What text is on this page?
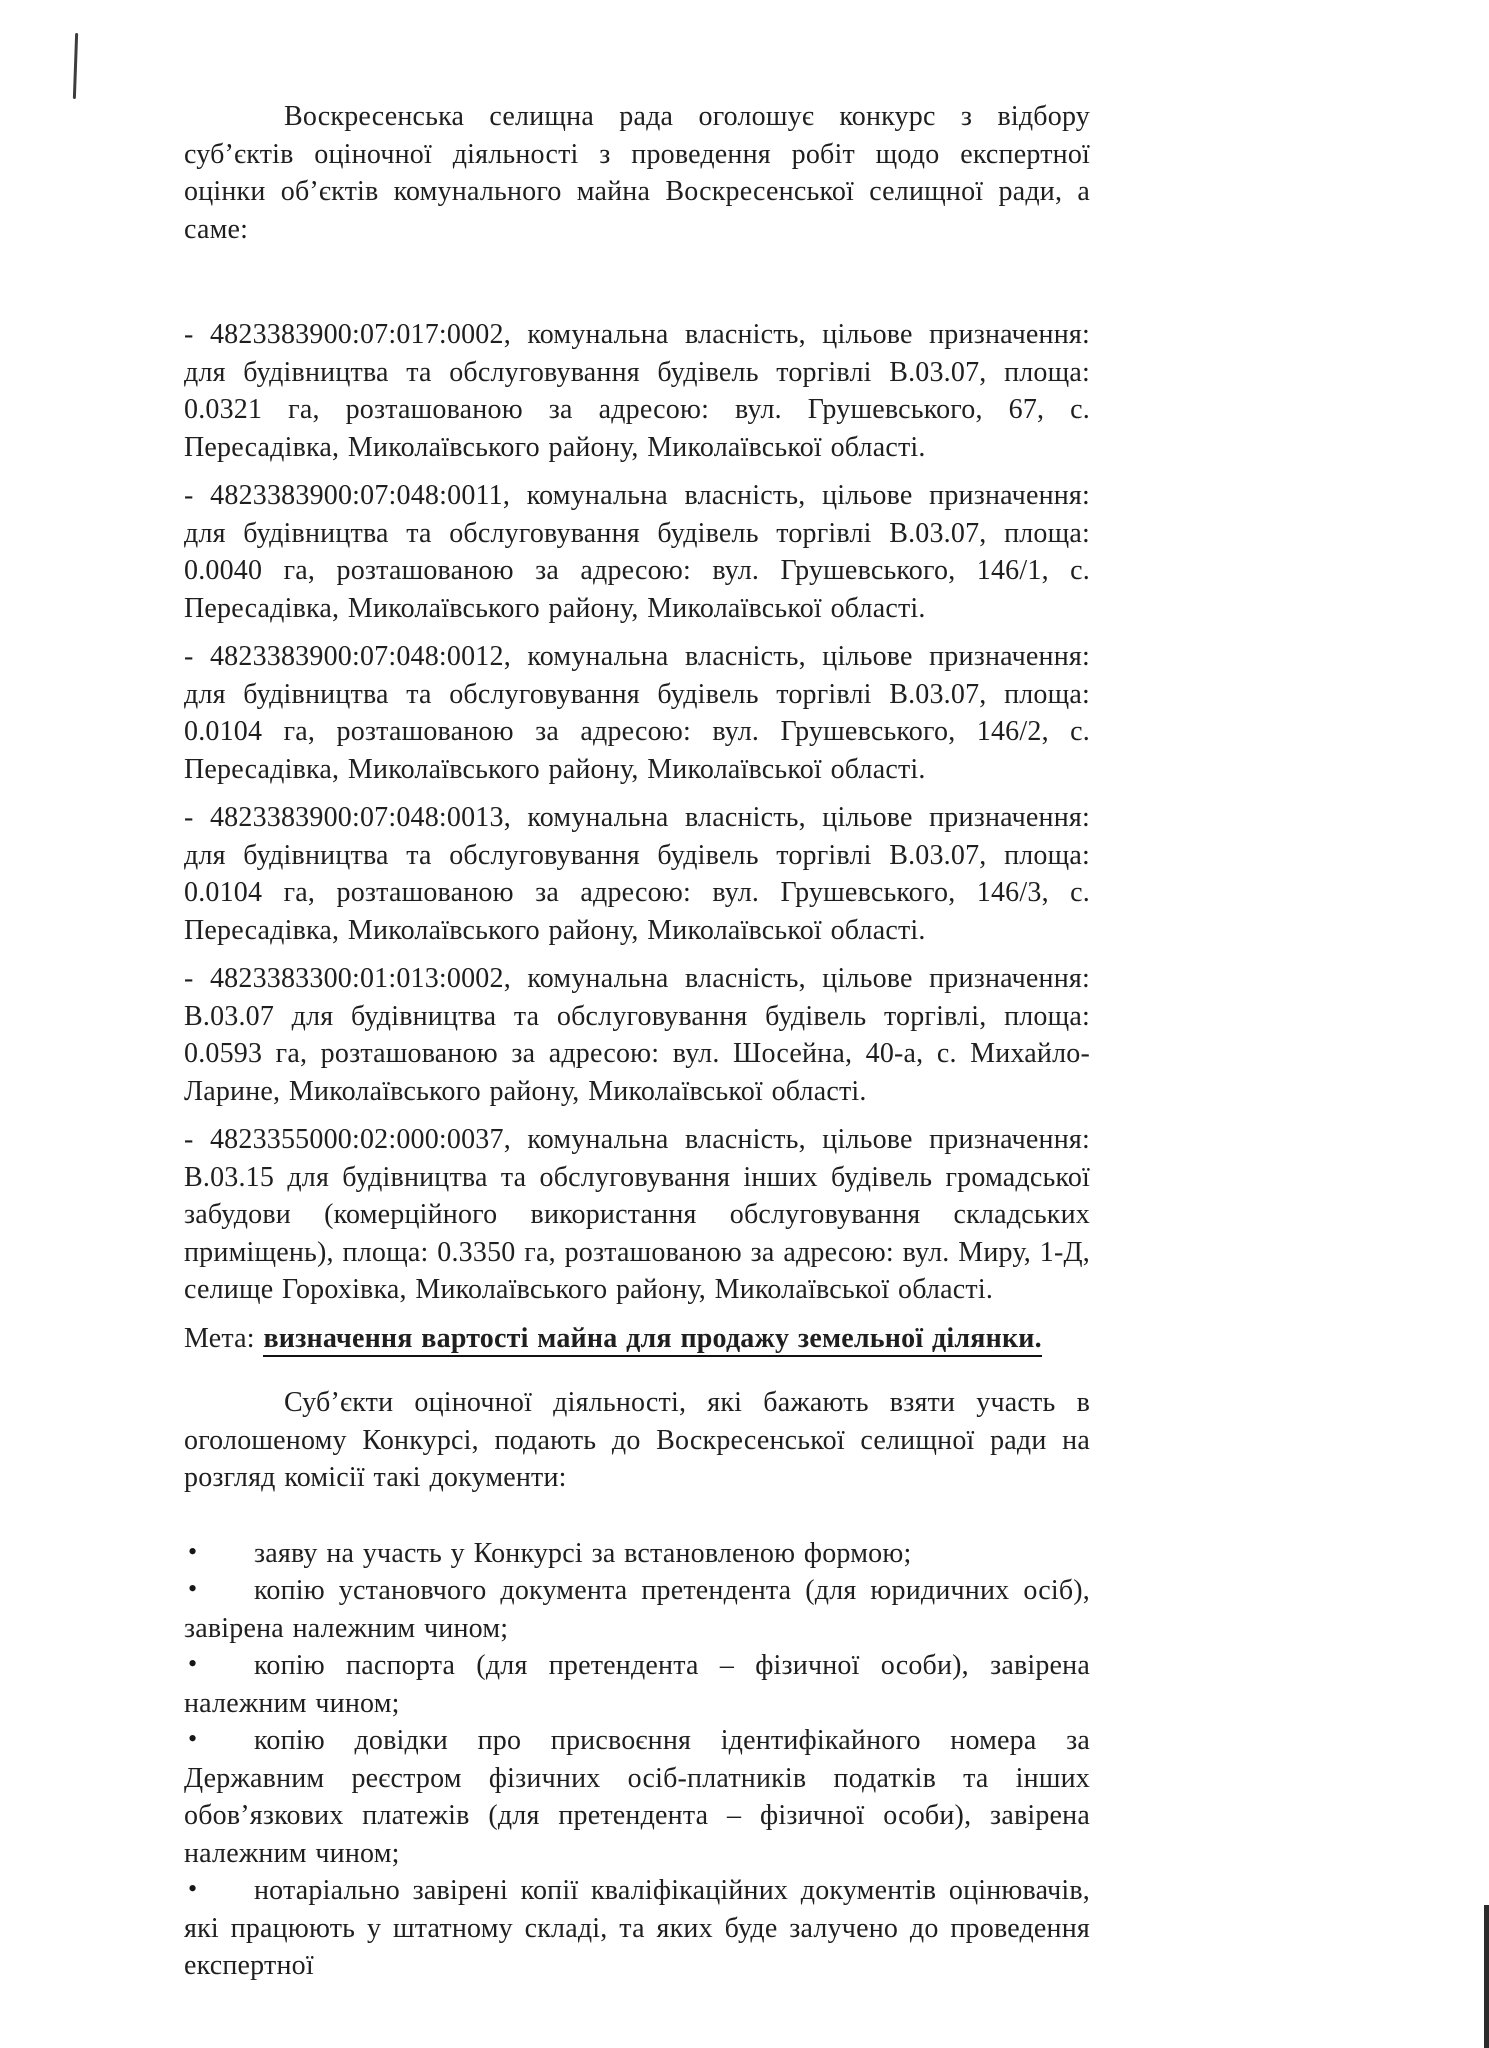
Воскресенська селищна рада оголошує конкурс з відбору суб’єктів оціночної діяльності з проведення робіт щодо експертної оцінки об’єктів комунального майна Воскресенської селищної ради, а саме:

- 4823383900:07:017:0002, комунальна власність, цільове призначення: для будівництва та обслуговування будівель торгівлі В.03.07, площа: 0.0321 га, розташованою за адресою: вул. Грушевського, 67, с. Пересадівка, Миколаївського району, Миколаївської області.

- 4823383900:07:048:0011, комунальна власність, цільове призначення: для будівництва та обслуговування будівель торгівлі В.03.07, площа: 0.0040 га, розташованою за адресою: вул. Грушевського, 146/1, с. Пересадівка, Миколаївського району, Миколаївської області.

- 4823383900:07:048:0012, комунальна власність, цільове призначення: для будівництва та обслуговування будівель торгівлі В.03.07, площа: 0.0104 га, розташованою за адресою: вул. Грушевського, 146/2, с. Пересадівка, Миколаївського району, Миколаївської області.

- 4823383900:07:048:0013, комунальна власність, цільове призначення: для будівництва та обслуговування будівель торгівлі В.03.07, площа: 0.0104 га, розташованою за адресою: вул. Грушевського, 146/3, с. Пересадівка, Миколаївського району, Миколаївської області.

- 4823383300:01:013:0002, комунальна власність, цільове призначення: В.03.07 для будівництва та обслуговування будівель торгівлі, площа: 0.0593 га, розташованою за адресою: вул. Шосейна, 40-а, с. Михайло-Ларине, Миколаївського району, Миколаївської області.

- 4823355000:02:000:0037, комунальна власність, цільове призначення: В.03.15 для будівництва та обслуговування інших будівель громадської забудови (комерційного використання обслуговування складських приміщень), площа: 0.3350 га, розташованою за адресою: вул. Миру, 1-Д, селище Горохівка, Миколаївського району, Миколаївської області.

Мета: визначення вартості майна для продажу земельної ділянки.

Суб’єкти оціночної діяльності, які бажають взяти участь в оголошеному Конкурсі, подають до Воскресенської селищної ради на розгляд комісії такі документи:

• заяву на участь у Конкурсі за встановленою формою;
• копію установчого документа претендента (для юридичних осіб), завірена належним чином;
• копію паспорта (для претендента – фізичної особи), завірена належним чином;
• копію довідки про присвоєння ідентифікайного номера за Державним реєстром фізичних осіб-платників податків та інших обов’язкових платежів (для претендента – фізичної особи), завірена належним чином;
• нотаріально завірені копії кваліфікаційних документів оцінювачів, які працюють у штатному складі, та яких буде залучено до проведення експертної
